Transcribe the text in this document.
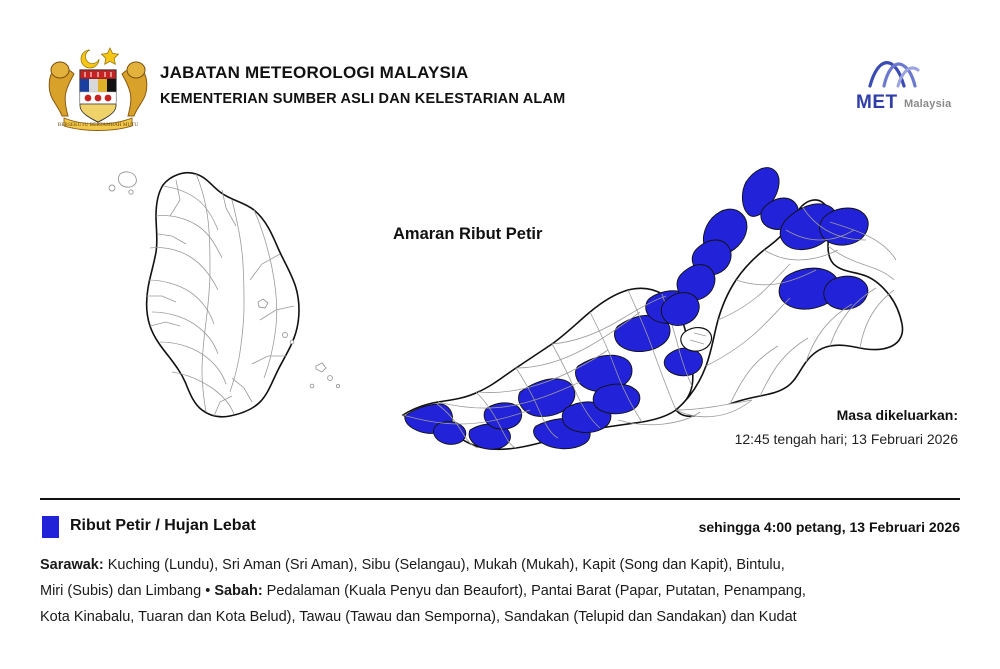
BERSEKUTU BERTAMBAH MUTU
JABATAN METEOROLOGI MALAYSIA
KEMENTERIAN SUMBER ASLI DAN KELESTARIAN ALAM	MET Malaysia
Amaran Ribut Petir
Masa dikeluarkan:
12:45 tengah hari; 13 Februari 2026
Ribut Petir / Hujan Lebat	sehingga 4:00 petang, 13 Februari 2026
Sarawak: Kuching (Lundu), Sri Aman (Sri Aman), Sibu (Selangau), Mukah (Mukah), Kapit (Song dan Kapit), Bintulu,
Miri (Subis) dan Limbang • Sabah: Pedalaman (Kuala Penyu dan Beaufort), Pantai Barat (Papar, Putatan, Penampang,
Kota Kinabalu, Tuaran dan Kota Belud), Tawau (Tawau dan Semporna), Sandakan (Telupid dan Sandakan) dan Kudat
